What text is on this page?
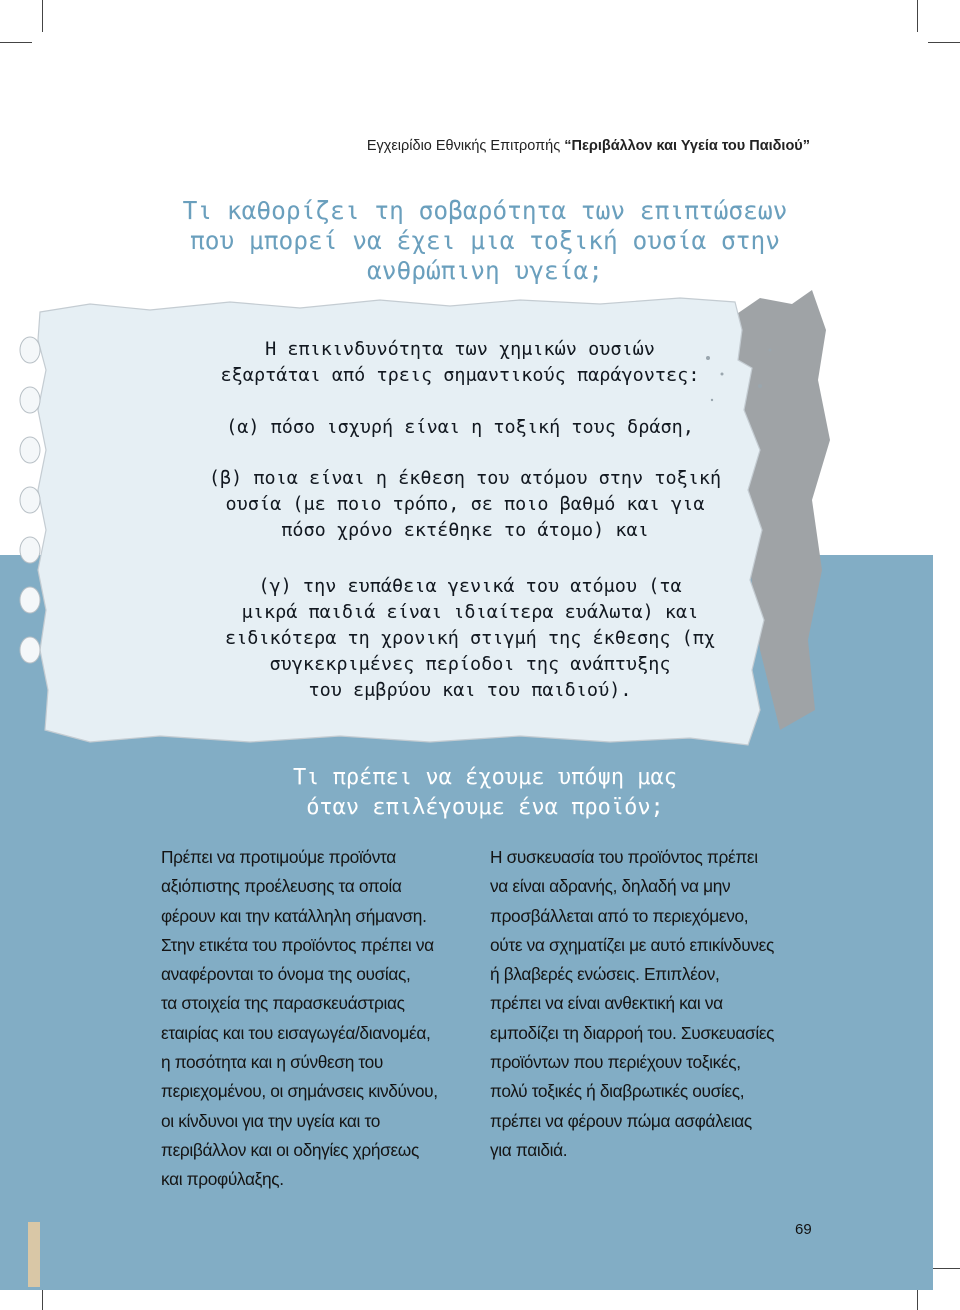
Εγχειρίδιο Εθνικής Επιτροπής “Περιβάλλον και Υγεία του Παιδιού”
Τι καθορίζει τη σοβαρότητα των επιπτώσεων
που μπορεί να έχει μια τοξική ουσία στην
ανθρώπινη υγεία;
Η επικινδυνότητα των χημικών ουσιών
εξαρτάται από τρεις σημαντικούς παράγοντες:
(α) πόσο ισχυρή είναι η τοξική τους δράση,
(β) ποια είναι η έκθεση του ατόμου στην τοξική
ουσία (με ποιο τρόπο, σε ποιο βαθμό και για
πόσο χρόνο εκτέθηκε το άτομο) και
(γ) την ευπάθεια γενικά του ατόμου (τα
μικρά παιδιά είναι ιδιαίτερα ευάλωτα) και
ειδικότερα τη χρονική στιγμή της έκθεσης (πχ
συγκεκριμένες περίοδοι της ανάπτυξης
του εμβρύου και του παιδιού).
Τι πρέπει να έχουμε υπόψη μας
όταν επιλέγουμε ένα προϊόν;
Πρέπει να προτιμούμε προϊόντα
αξιόπιστης προέλευσης τα οποία
φέρουν και την κατάλληλη σήμανση.
Στην ετικέτα του προϊόντος πρέπει να
αναφέρονται το όνομα της ουσίας,
τα στοιχεία της παρασκευάστριας
εταιρίας και του εισαγωγέα/διανομέα,
η ποσότητα και η σύνθεση του
περιεχομένου, οι σημάνσεις κινδύνου,
οι κίνδυνοι για την υγεία και το
περιβάλλον και οι οδηγίες χρήσεως
και προφύλαξης.
Η συσκευασία του προϊόντος πρέπει
να είναι αδρανής, δηλαδή να μην
προσβάλλεται από το περιεχόμενο,
ούτε να σχηματίζει με αυτό επικίνδυνες
ή βλαβερές ενώσεις. Επιπλέον,
πρέπει να είναι ανθεκτική και να
εμποδίζει τη διαρροή του. Συσκευασίες
προϊόντων που περιέχουν τοξικές,
πολύ τοξικές ή διαβρωτικές ουσίες,
πρέπει να φέρουν πώμα ασφάλειας
για παιδιά.
69
